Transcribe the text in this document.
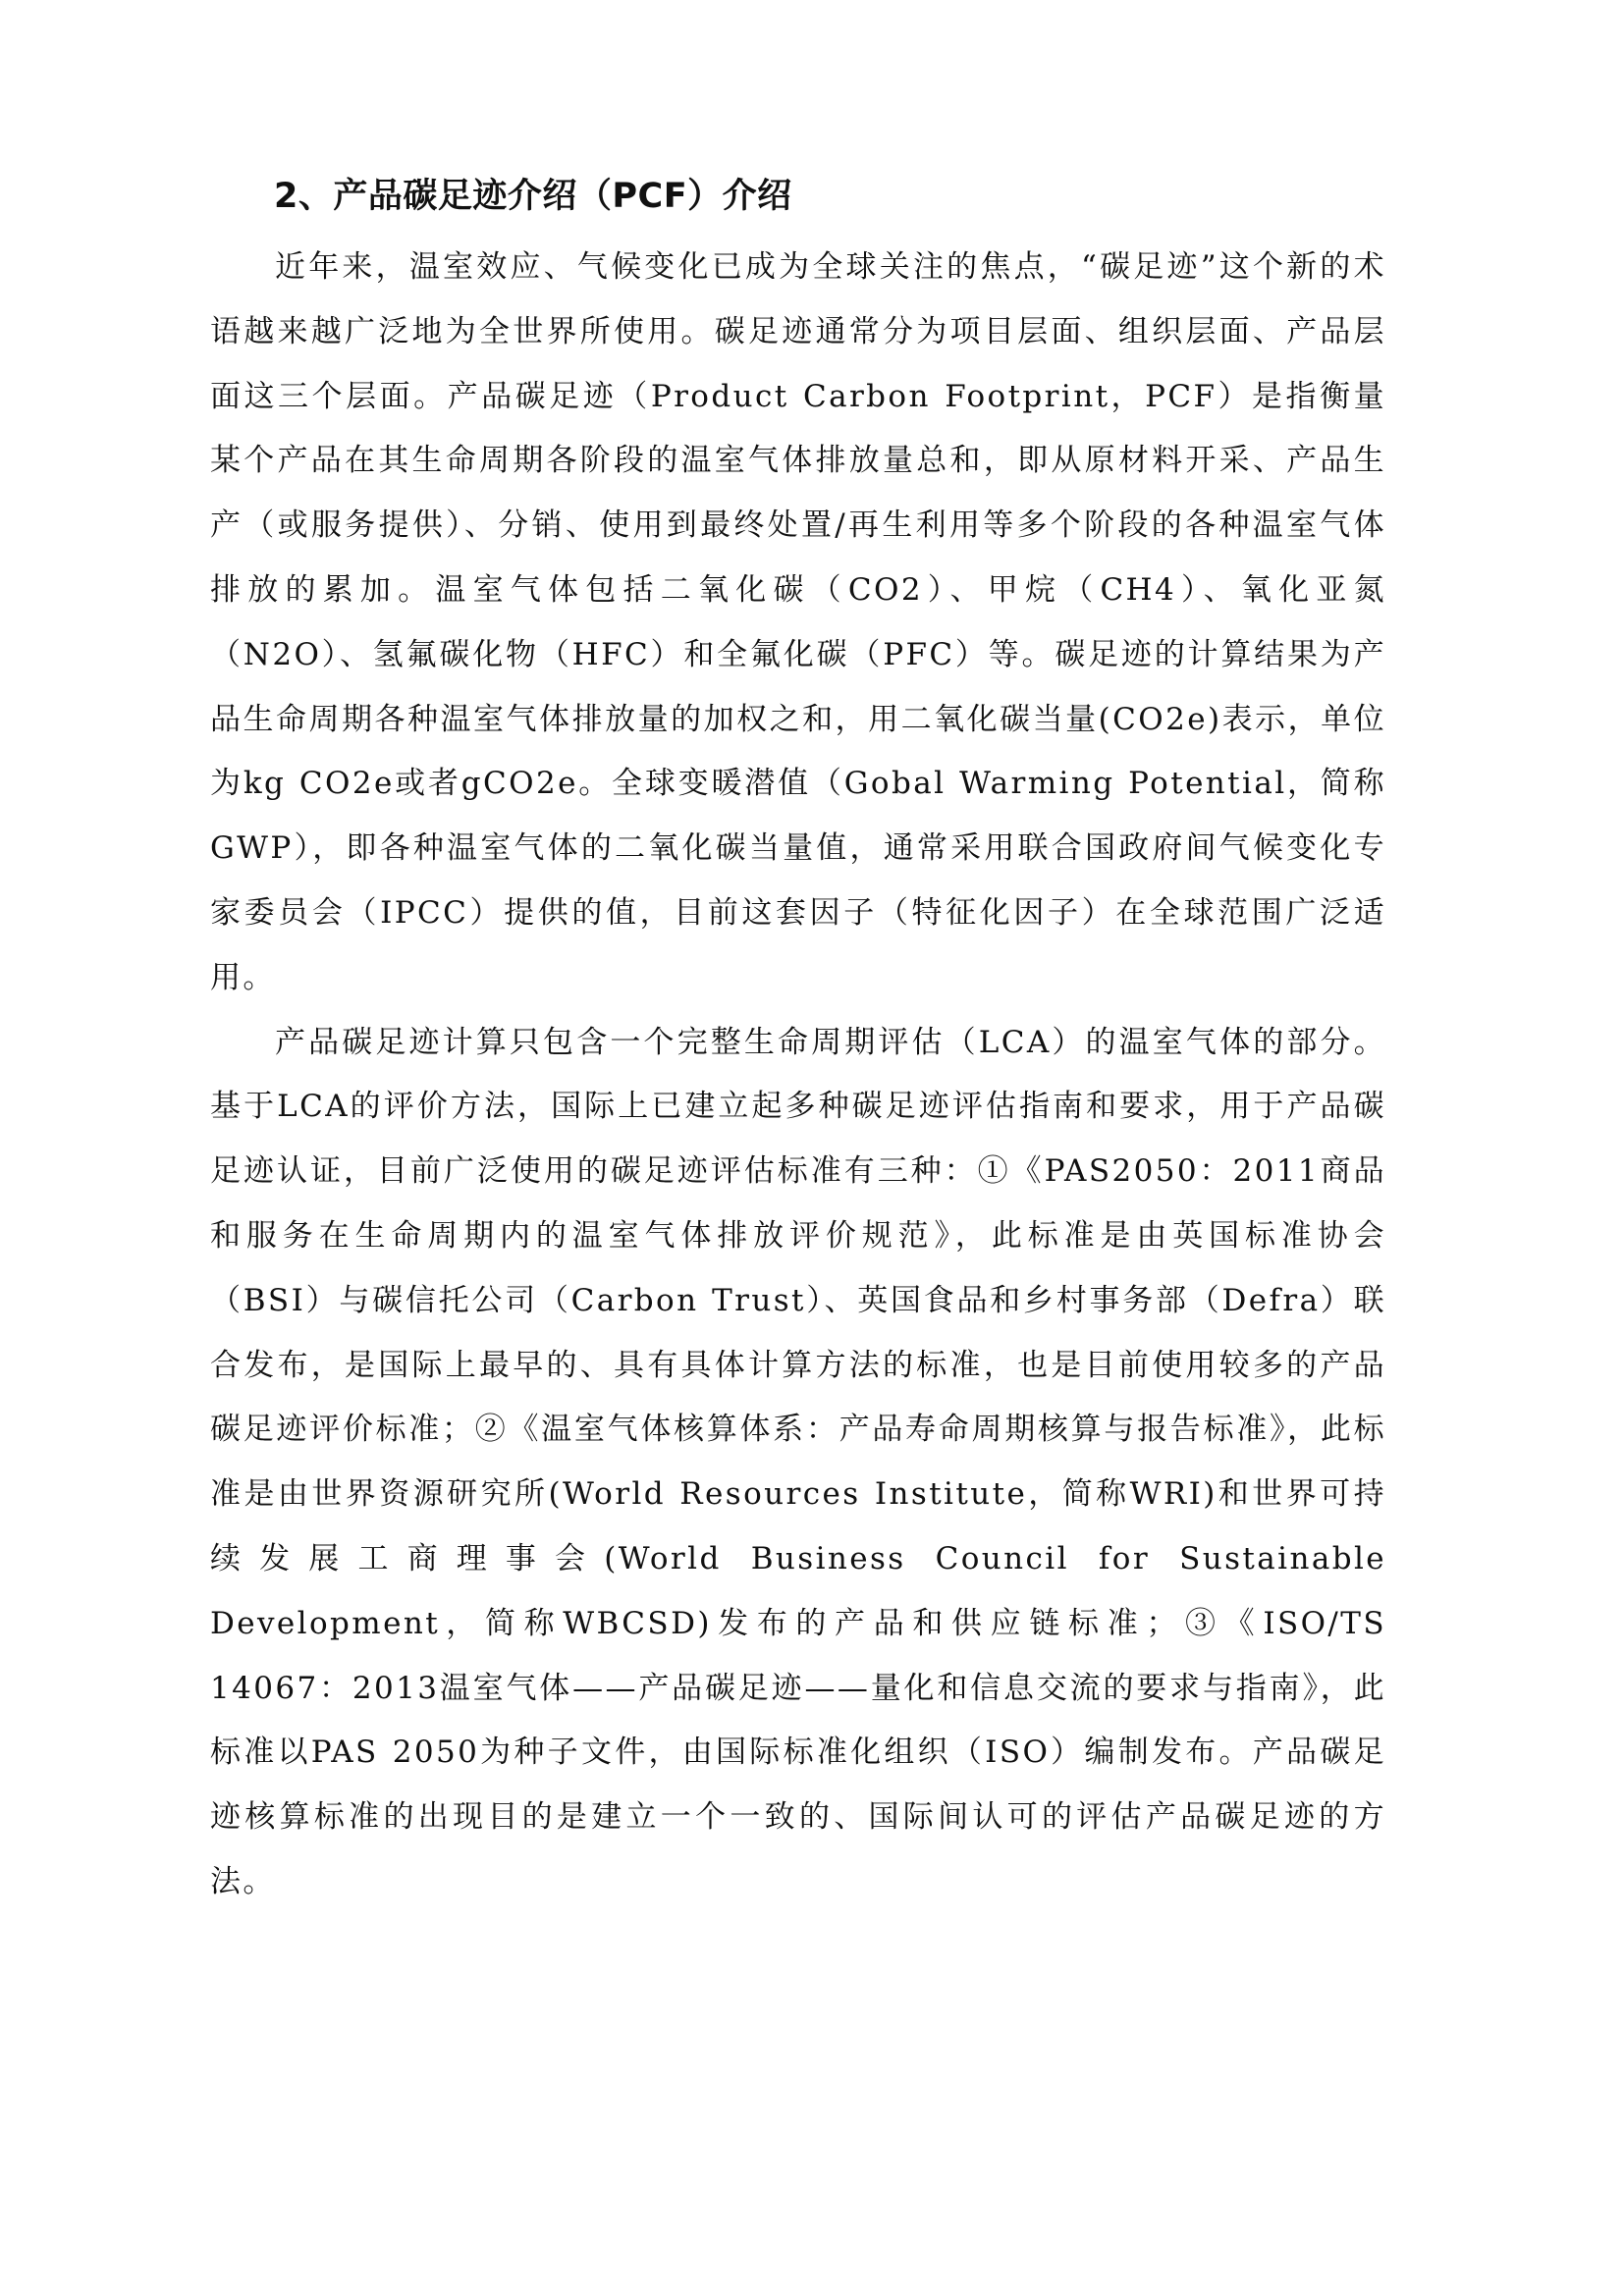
2、产品碳足迹介绍（PCF）介绍

近年来，温室效应、气候变化已成为全球关注的焦点，“碳足迹”这个新的术语越来越广泛地为全世界所使用。碳足迹通常分为项目层面、组织层面、产品层面这三个层面。产品碳足迹（Product Carbon Footprint，PCF）是指衡量某个产品在其生命周期各阶段的温室气体排放量总和，即从原材料开采、产品生产（或服务提供）、分销、使用到最终处置/再生利用等多个阶段的各种温室气体排放的累加。温室气体包括二氧化碳（CO2）、甲烷（CH4）、氧化亚氮（N2O）、氢氟碳化物（HFC）和全氟化碳（PFC）等。碳足迹的计算结果为产品生命周期各种温室气体排放量的加权之和，用二氧化碳当量(CO2e)表示，单位为kg CO2e或者gCO2e。全球变暖潜值（Gobal Warming Potential，简称GWP），即各种温室气体的二氧化碳当量值，通常采用联合国政府间气候变化专家委员会（IPCC）提供的值，目前这套因子（特征化因子）在全球范围广泛适用。

产品碳足迹计算只包含一个完整生命周期评估（LCA）的温室气体的部分。基于LCA的评价方法，国际上已建立起多种碳足迹评估指南和要求，用于产品碳足迹认证，目前广泛使用的碳足迹评估标准有三种：①《PAS2050：2011商品和服务在生命周期内的温室气体排放评价规范》，此标准是由英国标准协会（BSI）与碳信托公司（Carbon Trust）、英国食品和乡村事务部（Defra）联合发布，是国际上最早的、具有具体计算方法的标准，也是目前使用较多的产品碳足迹评价标准；②《温室气体核算体系：产品寿命周期核算与报告标准》，此标准是由世界资源研究所(World Resources Institute，简称WRI)和世界可持续发展工商理事会(World Business Council for Sustainable Development，简称WBCSD)发布的产品和供应链标准；③《ISO/TS 14067：2013温室气体——产品碳足迹——量化和信息交流的要求与指南》，此标准以PAS 2050为种子文件，由国际标准化组织（ISO）编制发布。产品碳足迹核算标准的出现目的是建立一个一致的、国际间认可的评估产品碳足迹的方法。
